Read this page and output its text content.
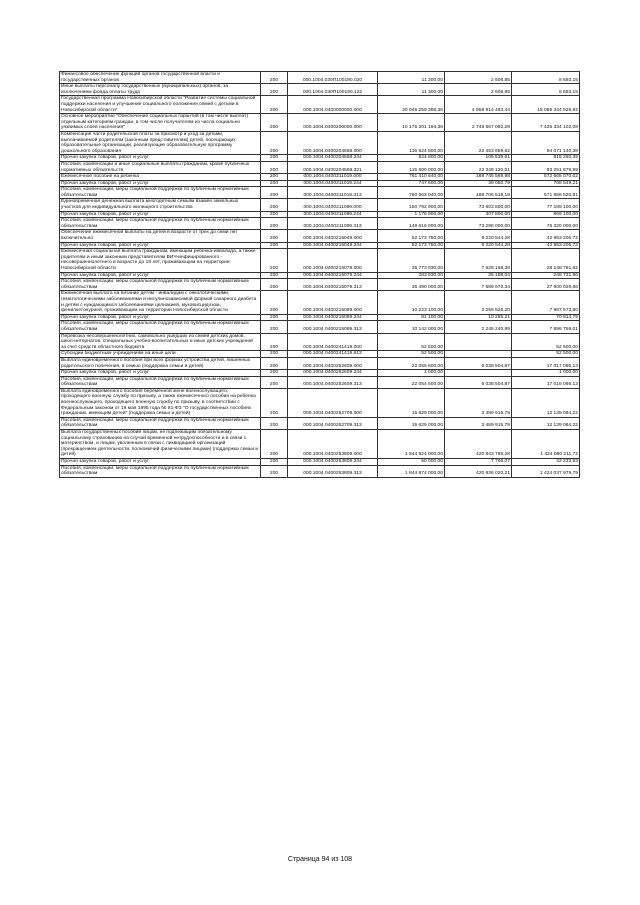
Финансовое обеспечение функций органов государственной власти и государственных органов	200	000.1004.030П100190.020	11 300,00	2 606,85	8 693,15
Иные выплаты персоналу государственных (муниципальных) органов, за исключением фонда оплаты труда	200	000.1004.030П100190.122	11 300,00	2 606,85	8 693,15
Государственная программа Новосибирской области "Развитие системы социальной поддержки населения и улучшение социального положения семей с детьми в Новосибирской области"	200	000.1004.0400000000.000	20 045 259 388,36	4 958 914 463,44	15 086 344 925,92
Основное мероприятие "Обеспечение социальных гарантий (в том числе выплат) отдельным категориям граждан, в том числе получателям из числа социально уязвимых слоев населения"	200	000.1004.0400200000.000	10 175 201 194,36	2 749 667 092,28	7 425 334 102,08
Компенсация части родительской платы за присмотр и уход за детьми, выплачиваемой родителям (законным представителям) детей, посещающих образовательные организации, реализующие образовательную программу дошкольного образования	200	000.1004.0400204568.000	116 524 800,00	22 453 659,62	94 071 140,38
Прочая закупка товаров, работ и услуг	200	000.1004.0400204568.244	924 800,00	105 539,61	819 260,39
Пособия, компенсации и иные социальные выплаты гражданам, кроме публичных нормативных обязательств	200	000.1004.0400204568.321	115 600 000,00	22 348 120,01	93 251 879,99
Ежемесячное пособие на ребенка	200	000.1004.0400211019.000	761 410 640,00	188 745 569,98	572 665 070,02
Прочая закупка товаров, работ и услуг	200	000.1004.0400211019.244	747 600,00	39 050,79	708 549,21
Пособия, компенсации, меры социальной поддержки по публичным нормативным обязательствам	200	000.1004.0400211019.313	760 663 040,00	188 706 519,19	571 956 520,81
Единовременная денежная выплата многодетным семьям взамен земельных участков для индивидуального жилищного строительства	200	000.1004.0400211089.000	150 792 900,00	73 603 800,00	77 189 100,00
Прочая закупка товаров, работ и услуг	200	000.1004.0400211089.244	1 176 900,00	307 800,00	869 100,00
Пособия, компенсации, меры социальной поддержки по публичным нормативным обязательствам	200	000.1004.0400211089.313	149 616 000,00	73 296 000,00	76 320 000,00
Обеспечение ежемесячной выплаты на детей в возрасте от трех до семи лет включительно	200	000.1004.0400215049.000	52 173 750,00	9 220 544,28	42 953 205,72
Прочая закупка товаров, работ и услуг	200	000.1004.0400215049.244	52 173 750,00	9 220 544,28	42 953 205,72
Ежемесячная социальная выплата гражданам, имеющим ребенка-инвалида, а также родителям и иным законным представителям ВИЧ-инфицированного - несовершеннолетнего в возрасте до 18 лет, проживающим на территории Новосибирской области	200	000.1004.0400215079.000	35 773 930,00	7 625 168,38	28 148 761,62
Прочая закупка товаров, работ и услуг	200	000.1004.0400215079.244	283 930,00	35 198,04	248 731,96
Пособия, компенсации, меры социальной поддержки по публичным нормативным обязательствам	200	000.1004.0400215079.313	35 490 000,00	7 589 970,34	27 900 029,66
Ежемесячная выплата на питание детям - инвалидам с онкологическими, гематологическими заболеваниями и инсулинозависимой формой сахарного диабета и детям с нуждающимся заболеваниями целиакией, муковисцидозом, фенилкетонурией, проживающим на территории Новосибирской области	200	000.1004.0400215089.000	10 223 100,00	2 255 526,20	7 967 573,80
Прочая закупка товаров, работ и услуг	200	000.1004.0400215089.244	81 100,00	10 285,21	70 814,79
Пособия, компенсации, меры социальной поддержки по публичным нормативным обязательствам	200	000.1004.0400215089.313	10 142 000,00	2 245 240,99	7 896 759,01
Перевозка несовершеннолетних, самовольно ушедших из семей детских домов, школ-интернатов, специальных учебно-воспитательных и иных детских учреждений за счет средств областного бюджета	200	000.1004.0400241419.000	52 500,00		52 500,00
Субсидии бюджетным учреждениям на иные цели	200	000.1004.0400241419.612	52 500,00		52 500,00
Выплата единовременного пособия при всех формах устройства детей, лишенных родительского попечения, в семью (поддержка семьи и детей)	200	000.1004.0400252609.000	22 055 600,00	5 038 504,87	17 017 095,13
Прочая закупка товаров, работ и услуг	200	000.1004.0400252609.244	1 000,00		1 000,00
Пособия, компенсации, меры социальной поддержки по публичным нормативным обязательствам	200	000.1004.0400252609.313	22 054 600,00	5 038 504,87	17 016 095,13
Выплата единовременного пособия беременной жене военнослужащего, проходящего военную службу по призыву, а также ежемесячного пособия на ребенка военнослужащего, проходящего военную службу по призыву, в соответствии с Федеральным законом от 19 мая 1995 года № 81-ФЗ "О государственных пособиях гражданам, имеющим детей" (поддержка семьи и детей)	200	000.1004.0400252709.000	15 629 000,00	3 489 915,78	12 139 084,22
Пособия, компенсации, меры социальной поддержки по публичным нормативным обязательствам	200	000.1004.0400252709.313	15 629 000,00	3 489 915,78	12 139 084,22
Выплата государственных пособий лицам, не подлежащим обязательному социальному страхованию на случай временной нетрудоспособности и в связи с материнством, и лицам, уволенным в связи с ликвидацией организаций (прекращением деятельности, полномочий физическими лицами) (поддержка семьи и детей)	200	000.1004.0400253809.000	1 844 924 000,00	420 843 785,28	1 424 080 211,72
Прочая закупка товаров, работ и услуг	200	000.1004.0400253809.244	50 000,00	7 766,07	42 233,93
Пособия, компенсации, меры социальной поддержки по публичным нормативным обязательствам	200	000.1004.0400253809.313	1 844 874 000,00	420 836 020,21	1 424 037 979,79
Страница 94 из 108
